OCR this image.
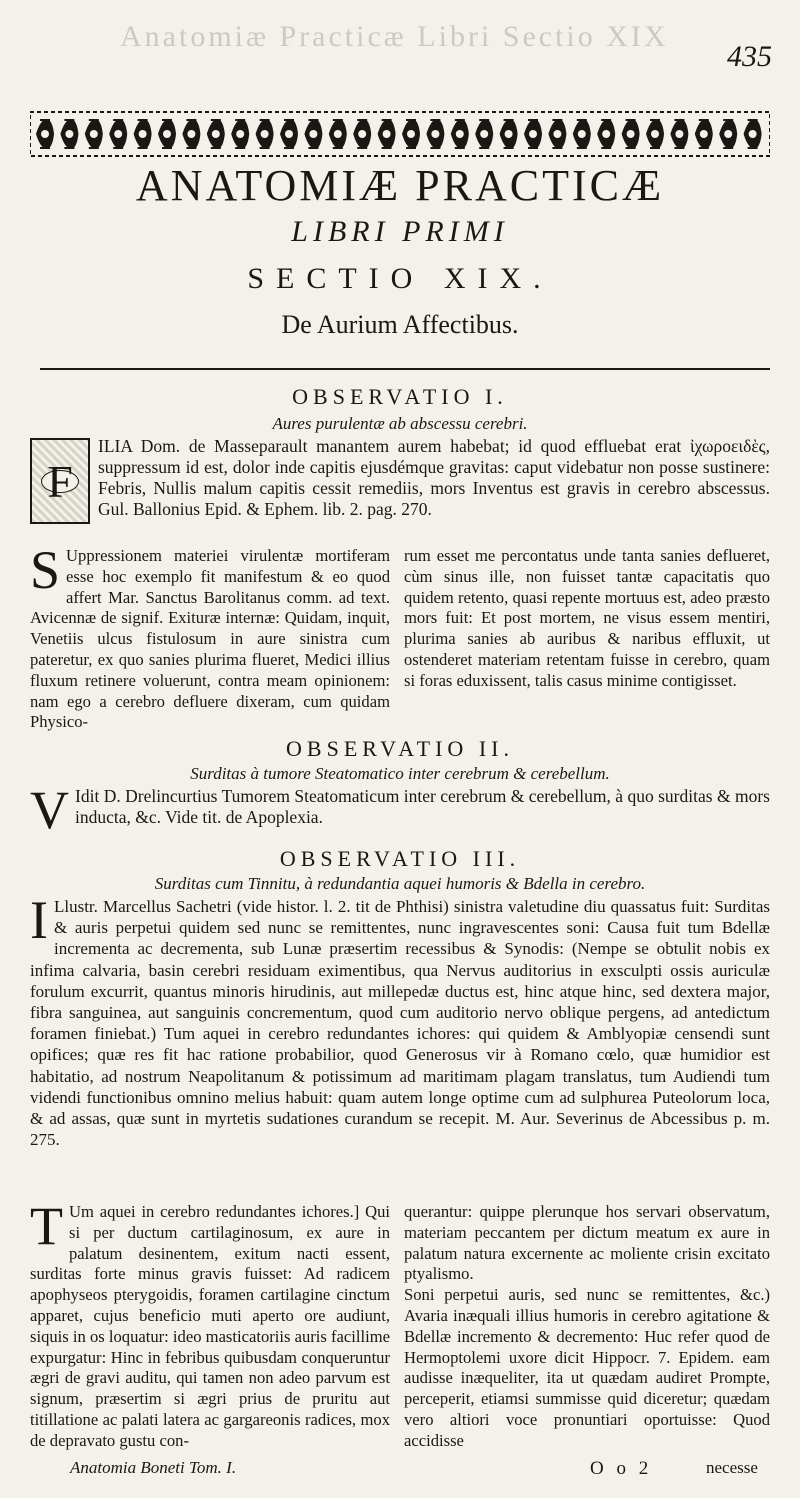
Anatomiæ Practicæ Libri Sectio XIX
435
ANATOMIÆ PRACTICÆ
LIBRI PRIMI
SECTIO XIX.
De Aurium Affectibus.
OBSERVATIO I.
Aures purulentæ ab abscessu cerebri.
F
ILIA Dom. de Masseparault manantem aurem habebat; id quod effluebat erat ἰχωροειδὲς, suppressum id est, dolor inde capitis ejusdémque gravitas: caput videbatur non posse sustinere: Febris, Nullis malum capitis cessit remediis, mors Inventus est gravis in cerebro abscessus. Gul. Ballonius Epid. & Ephem. lib. 2. pag. 270.
S Uppressionem materiei virulentæ mortiferam esse hoc exemplo fit manifestum & eo quod affert Mar. Sanctus Barolitanus comm. ad text. Avicennæ de signif. Exituræ internæ: Quidam, inquit, Venetiis ulcus fistulosum in aure sinistra cum pateretur, ex quo sanies plurima flueret, Medici illius fluxum retinere voluerunt, contra meam opinionem: nam ego a cerebro defluere dixeram, cum quidam Physico-
rum esset me percontatus unde tanta sanies deflueret, cùm sinus ille, non fuisset tantæ capacitatis quo quidem retento, quasi repente mortuus est, adeo præsto mors fuit: Et post mortem, ne visus essem mentiri, plurima sanies ab auribus & naribus effluxit, ut ostenderet materiam retentam fuisse in cerebro, quam si foras eduxissent, talis casus minime contigisset.
OBSERVATIO II.
Surditas à tumore Steatomatico inter cerebrum & cerebellum.
V Idit D. Drelincurtius Tumorem Steatomaticum inter cerebrum & cerebellum, à quo surditas & mors inducta, &c. Vide tit. de Apoplexia.
OBSERVATIO III.
Surditas cum Tinnitu, à redundantia aquei humoris & Bdella in cerebro.
I Llustr. Marcellus Sachetri (vide histor. l. 2. tit de Phthisi) sinistra valetudine diu quassatus fuit: Surditas & auris perpetui quidem sed nunc se remittentes, nunc ingravescentes soni: Causa fuit tum Bdellæ incrementa ac decrementa, sub Lunæ præsertim recessibus & Synodis: (Nempe se obtulit nobis ex infima calvaria, basin cerebri residuam eximentibus, qua Nervus auditorius in exsculpti ossis auriculæ forulum excurrit, quantus minoris hirudinis, aut millepedæ ductus est, hinc atque hinc, sed dextera major, fibra sanguinea, aut sanguinis concrementum, quod cum auditorio nervo oblique pergens, ad antedictum foramen finiebat.) Tum aquei in cerebro redundantes ichores: qui quidem & Amblyopiæ censendi sunt opifices; quæ res fit hac ratione probabilior, quod Generosus vir à Romano cœlo, quæ humidior est habitatio, ad nostrum Neapolitanum & potissimum ad maritimam plagam translatus, tum Audiendi tum videndi functionibus omnino melius habuit: quam autem longe optime cum ad sulphurea Puteolorum loca, & ad assas, quæ sunt in myrtetis sudationes curandum se recepit. M. Aur. Severinus de Abcessibus p. m. 275.
T Um aquei in cerebro redundantes ichores.] Qui si per ductum cartilaginosum, ex aure in palatum desinentem, exitum nacti essent, surditas forte minus gravis fuisset: Ad radicem apophyseos pterygoidis, foramen cartilagine cinctum apparet, cujus beneficio muti aperto ore audiunt, siquis in os loquatur: ideo masticatoriis auris facillime expurgatur: Hinc in febribus quibusdam conqueruntur ægri de gravi auditu, qui tamen non adeo parvum est signum, præsertim si ægri prius de pruritu aut titillatione ac palati latera ac gargareonis radices, mox de depravato gustu con-
querantur: quippe plerunque hos servari observatum, materiam peccantem per dictum meatum ex aure in palatum natura excernente ac moliente crisin excitato ptyalismo.
Soni perpetui auris, sed nunc se remittentes, &c.) Avaria inæquali illius humoris in cerebro agitatione & Bdellæ incremento & decremento: Huc refer quod de Hermoptolemi uxore dicit Hippocr. 7. Epidem. eam audisse inæqueliter, ita ut quædam audiret Prompte, perceperit, etiamsi summisse quid diceretur; quædam vero altiori voce pronuntiari oportuisse: Quod accidisse
Anatomia Boneti Tom. I.	O o 2	necesse
